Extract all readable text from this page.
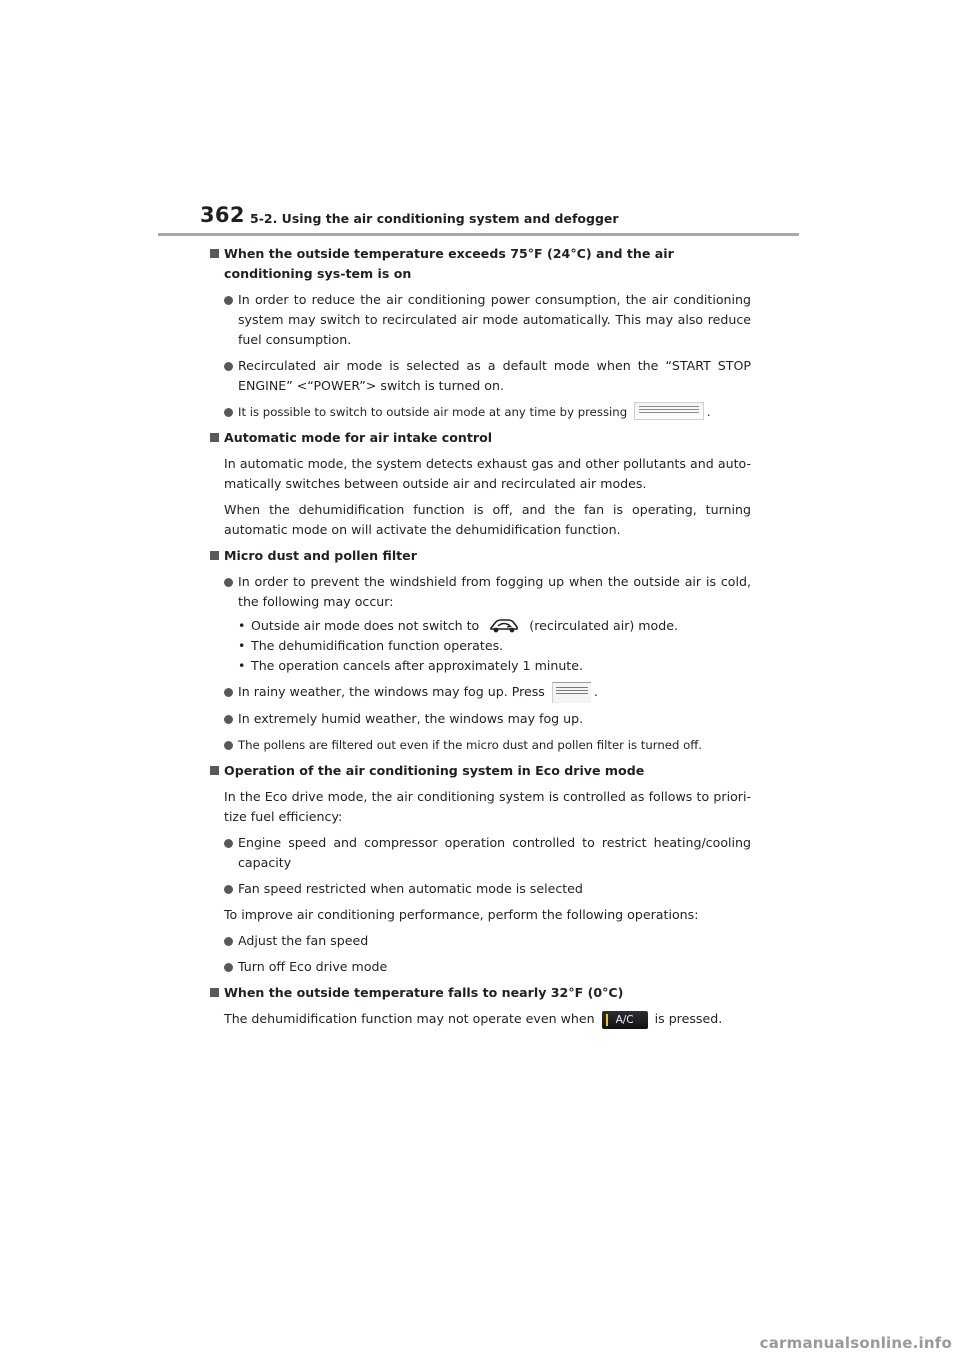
362 5-2. Using the air conditioning system and defogger
When the outside temperature exceeds 75°F (24°C) and the air conditioning sys-tem is on
In order to reduce the air conditioning power consumption, the air conditioning system may switch to recirculated air mode automatically. This may also reduce fuel consumption.
Recirculated air mode is selected as a default mode when the “START STOP ENGINE” <“POWER”> switch is turned on.
It is possible to switch to outside air mode at any time by pressing	.
Automatic mode for air intake control
In automatic mode, the system detects exhaust gas and other pollutants and auto-matically switches between outside air and recirculated air modes.
When the dehumidification function is off, and the fan is operating, turning automatic mode on will activate the dehumidification function.
Micro dust and pollen filter
In order to prevent the windshield from fogging up when the outside air is cold, the following may occur:
• Outside air mode does not switch to	(recirculated air) mode.
• The dehumidification function operates.
• The operation cancels after approximately 1 minute.
In rainy weather, the windows may fog up. Press	.
In extremely humid weather, the windows may fog up.
The pollens are filtered out even if the micro dust and pollen filter is turned off.
Operation of the air conditioning system in Eco drive mode
In the Eco drive mode, the air conditioning system is controlled as follows to priori-tize fuel efficiency:
Engine speed and compressor operation controlled to restrict heating/cooling capacity
Fan speed restricted when automatic mode is selected
To improve air conditioning performance, perform the following operations:
Adjust the fan speed
Turn off Eco drive mode
When the outside temperature falls to nearly 32°F (0°C)
The dehumidification function may not operate even when A/C is pressed.
carmanualsonline.info
